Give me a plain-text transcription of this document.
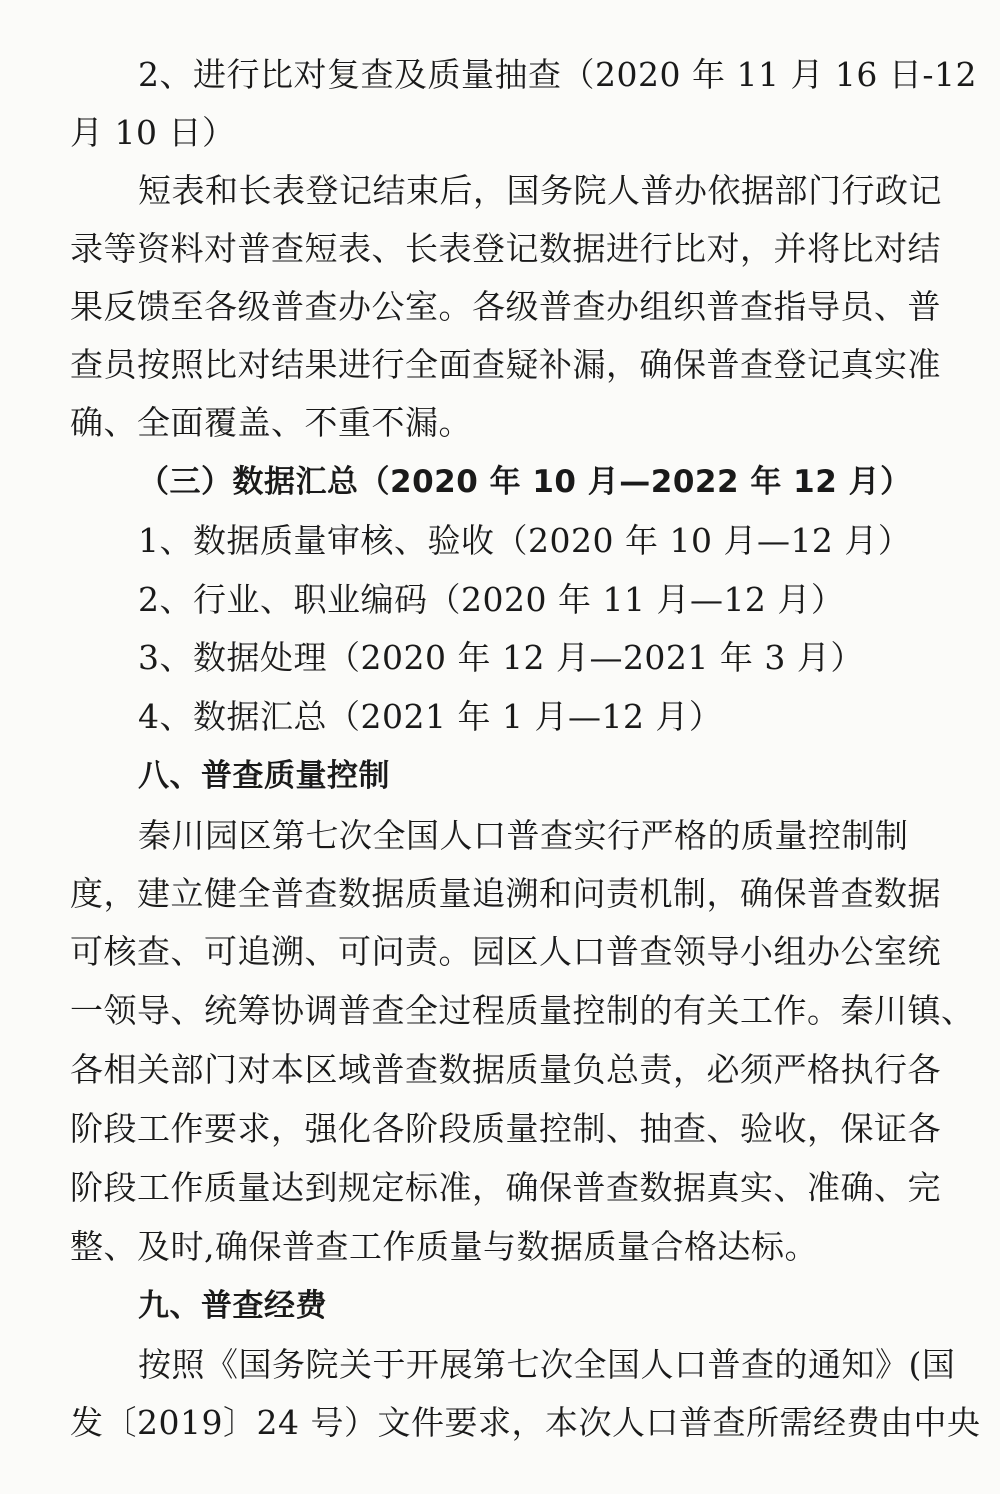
2、进行比对复查及质量抽查（2020 年 11 月 16 日-12
月 10 日）
短表和长表登记结束后，国务院人普办依据部门行政记
录等资料对普查短表、长表登记数据进行比对，并将比对结
果反馈至各级普查办公室。各级普查办组织普查指导员、普
查员按照比对结果进行全面查疑补漏，确保普查登记真实准
确、全面覆盖、不重不漏。
（三）数据汇总（2020 年 10 月—2022 年 12 月）
1、数据质量审核、验收（2020 年 10 月—12 月）
2、行业、职业编码（2020 年 11 月—12 月）
3、数据处理（2020 年 12 月—2021 年 3 月）
4、数据汇总（2021 年 1 月—12 月）
八、普查质量控制
秦川园区第七次全国人口普查实行严格的质量控制制
度，建立健全普查数据质量追溯和问责机制，确保普查数据
可核查、可追溯、可问责。园区人口普查领导小组办公室统
一领导、统筹协调普查全过程质量控制的有关工作。秦川镇、
各相关部门对本区域普查数据质量负总责，必须严格执行各
阶段工作要求，强化各阶段质量控制、抽查、验收，保证各
阶段工作质量达到规定标准，确保普查数据真实、准确、完
整、及时,确保普查工作质量与数据质量合格达标。
九、普查经费
按照《国务院关于开展第七次全国人口普查的通知》(国
发〔2019〕24 号）文件要求，本次人口普查所需经费由中央
